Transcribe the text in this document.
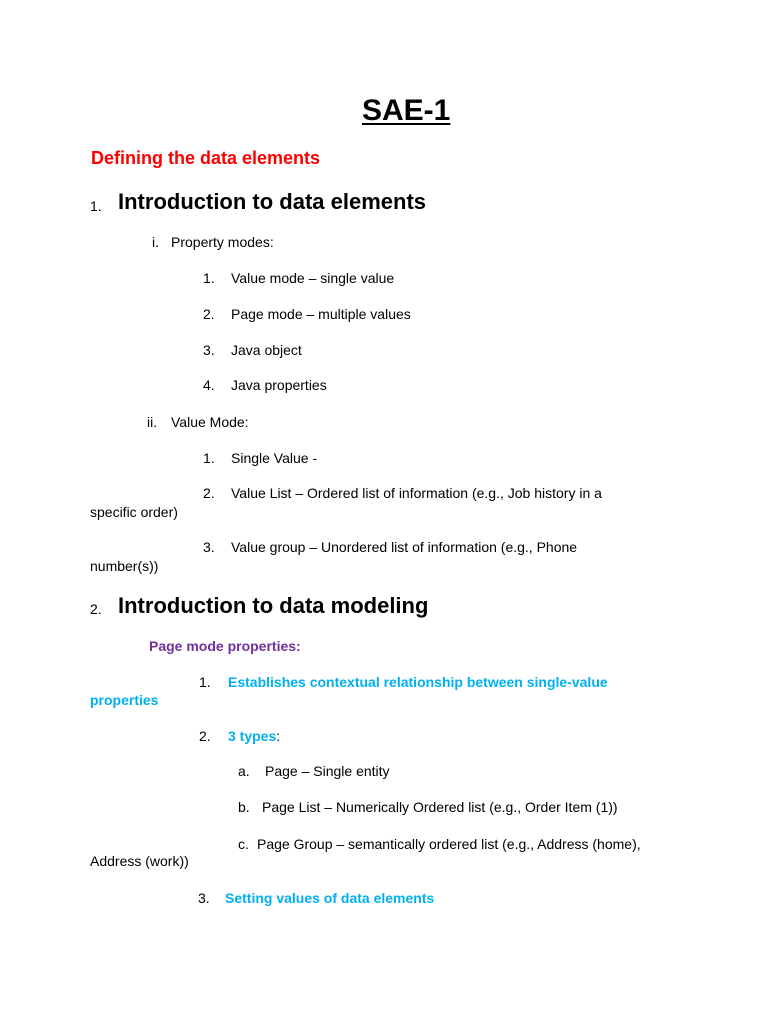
SAE-1
Defining the data elements
1. Introduction to data elements
i. Property modes:
1. Value mode – single value
2. Page mode – multiple values
3. Java object
4. Java properties
ii. Value Mode:
1. Single Value -
2. Value List – Ordered list of information (e.g., Job history in a
specific order)
3. Value group – Unordered list of information (e.g., Phone
number(s))
2. Introduction to data modeling
Page mode properties:
1. Establishes contextual relationship between single-value
properties
2. 3 types:
a. Page – Single entity
b. Page List – Numerically Ordered list (e.g., Order Item (1))
c. Page Group – semantically ordered list (e.g., Address (home),
Address (work))
3. Setting values of data elements
